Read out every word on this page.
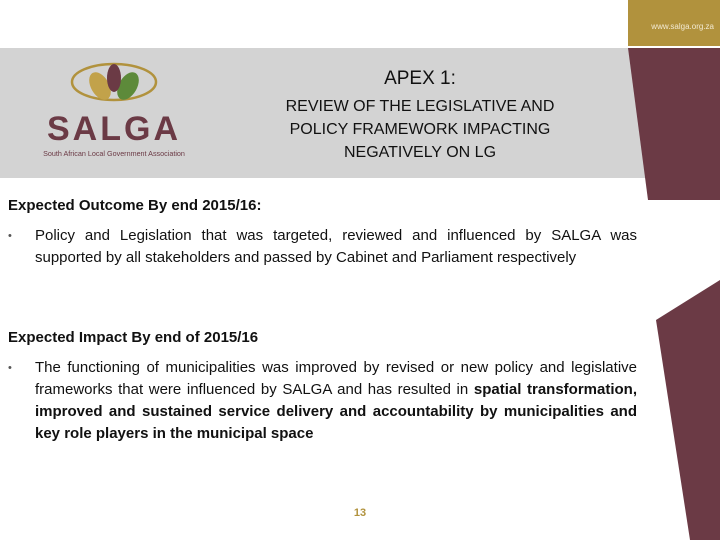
www.salga.org.za
SALGA
South African Local Government Association
APEX 1:
REVIEW OF THE LEGISLATIVE AND
POLICY FRAMEWORK IMPACTING
NEGATIVELY ON LG
Expected Outcome By end 2015/16:
• Policy and Legislation that was targeted, reviewed and influenced by SALGA was supported by all stakeholders and passed by Cabinet and Parliament respectively
Expected Impact By end of 2015/16
• The functioning of municipalities was improved by revised or new policy and legislative frameworks that were influenced by SALGA and has resulted in spatial transformation, improved and sustained service delivery and accountability by municipalities and key role players in the municipal space
13
